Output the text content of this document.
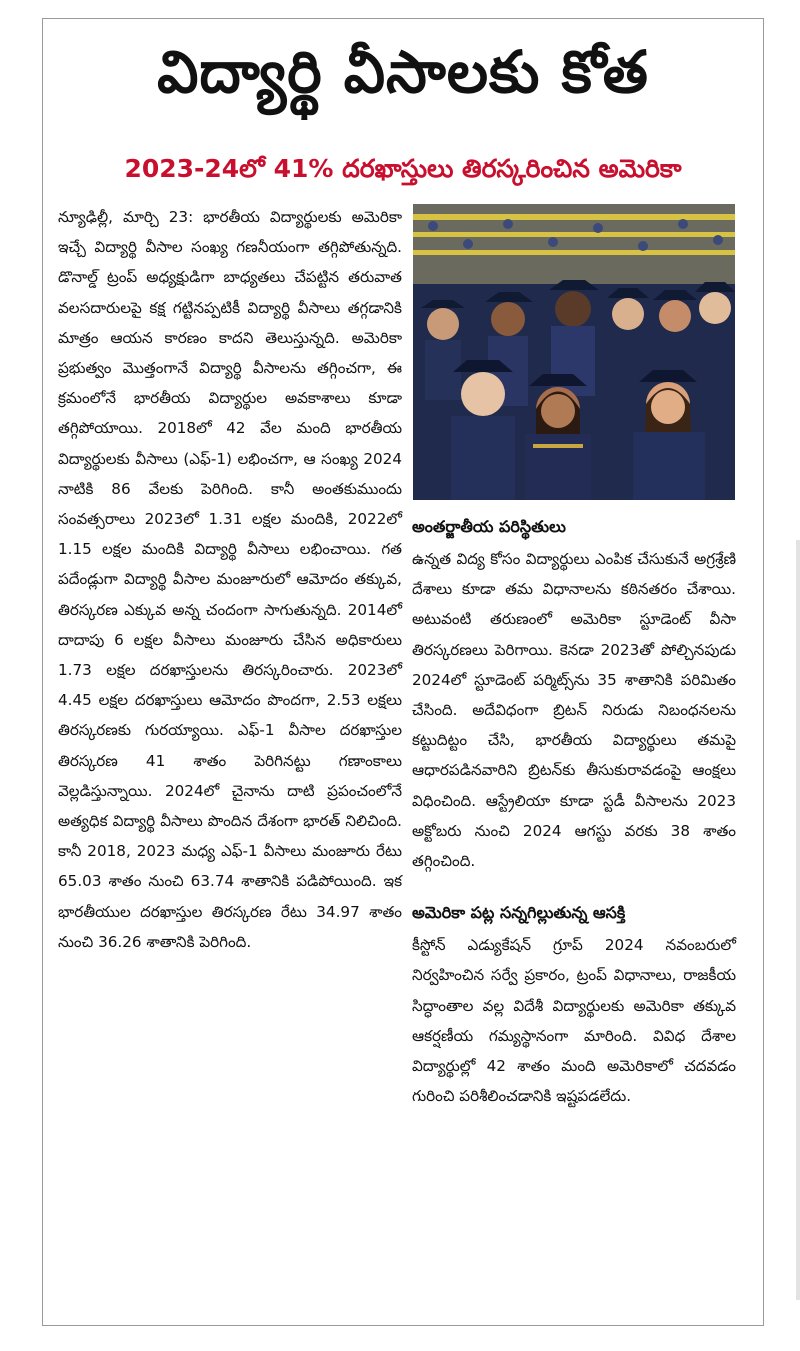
విద్యార్థి వీసాలకు కోత
2023-24లో 41% దరఖాస్తులు తిరస్కరించిన అమెరికా

న్యూఢిల్లీ, మార్చి 23: భారతీయ విద్యార్థులకు అమెరికా ఇచ్చే విద్యార్థి వీసాల సంఖ్య గణనీయంగా తగ్గిపోతున్నది. డొనాల్డ్ ట్రంప్ అధ్యక్షుడిగా బాధ్యతలు చేపట్టిన తరువాత వలసదారులపై కక్ష గట్టినప్పటికీ విద్యార్థి వీసాలు తగ్గడానికి మాత్రం ఆయన కారణం కాదని తెలుస్తున్నది. అమెరికా ప్రభుత్వం మొత్తంగానే విద్యార్థి వీసాలను తగ్గించగా, ఈ క్రమంలోనే భారతీయ విద్యార్థుల అవకాశాలు కూడా తగ్గిపోయాయి. 2018లో 42 వేల మంది భారతీయ విద్యార్థులకు వీసాలు (ఎఫ్-1) లభించగా, ఆ సంఖ్య 2024 నాటికి 86 వేలకు పెరిగింది. కానీ అంతకుముందు సంవత్సరాలు 2023లో 1.31 లక్షల మందికి, 2022లో 1.15 లక్షల మందికి విద్యార్థి వీసాలు లభించాయి. గత పదేండ్లుగా విద్యార్థి వీసాల మంజూరులో ఆమోదం తక్కువ, తిరస్కరణ ఎక్కువ అన్న చందంగా సాగుతున్నది. 2014లో దాదాపు 6 లక్షల వీసాలు మంజూరు చేసిన అధికారులు 1.73 లక్షల దరఖాస్తులను తిరస్కరించారు. 2023లో 4.45 లక్షల దరఖాస్తులు ఆమోదం పొందగా, 2.53 లక్షలు తిరస్కరణకు గురయ్యాయి. ఎఫ్-1 వీసాల దరఖాస్తుల తిరస్కరణ 41 శాతం పెరిగినట్టు గణాంకాలు వెల్లడిస్తున్నాయి. 2024లో చైనాను దాటి ప్రపంచంలోనే అత్యధిక విద్యార్థి వీసాలు పొందిన దేశంగా భారత్ నిలిచింది. కానీ 2018, 2023 మధ్య ఎఫ్-1 వీసాలు మంజూరు రేటు 65.03 శాతం నుంచి 63.74 శాతానికి పడిపోయింది. ఇక భారతీయుల దరఖాస్తుల తిరస్కరణ రేటు 34.97 శాతం నుంచి 36.26 శాతానికి పెరిగింది.

అంతర్జాతీయ పరిస్థితులు

ఉన్నత విద్య కోసం విద్యార్థులు ఎంపిక చేసుకునే అగ్రశ్రేణి దేశాలు కూడా తమ విధానాలను కఠినతరం చేశాయి. అటువంటి తరుణంలో అమెరికా స్టూడెంట్ వీసా తిరస్కరణలు పెరిగాయి. కెనడా 2023తో పోల్చినపుడు 2024లో స్టూడెంట్ పర్మిట్స్‌ను 35 శాతానికి పరిమితం చేసింది. అదేవిధంగా బ్రిటన్ నిరుడు నిబంధనలను కట్టుదిట్టం చేసి, భారతీయ విద్యార్థులు తమపై ఆధారపడినవారిని బ్రిటన్‌కు తీసుకురావడంపై ఆంక్షలు విధించింది. ఆస్ట్రేలియా కూడా స్టడీ వీసాలను 2023 అక్టోబరు నుంచి 2024 ఆగస్టు వరకు 38 శాతం తగ్గించింది.

అమెరికా పట్ల సన్నగిల్లుతున్న ఆసక్తి

కీస్టోన్ ఎడ్యుకేషన్ గ్రూప్ 2024 నవంబరులో నిర్వహించిన సర్వే ప్రకారం, ట్రంప్ విధానాలు, రాజకీయ సిద్ధాంతాల వల్ల విదేశీ విద్యార్థులకు అమెరికా తక్కువ ఆకర్షణీయ గమ్యస్థానంగా మారింది. వివిధ దేశాల విద్యార్థుల్లో 42 శాతం మంది అమెరికాలో చదవడం గురించి పరిశీలించడానికి ఇష్టపడలేదు.
